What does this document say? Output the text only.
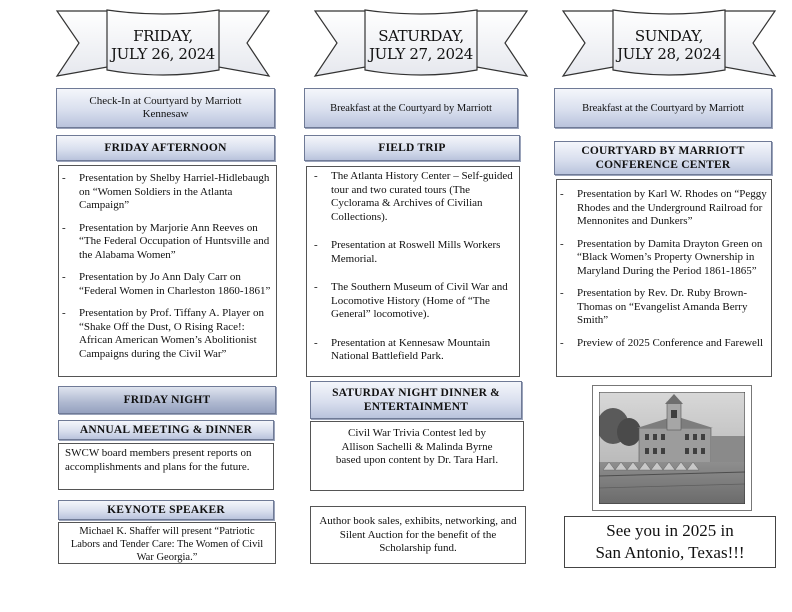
FRIDAY,
JULY 26, 2024
SATURDAY,
JULY 27, 2024
SUNDAY,
JULY 28, 2024
Check-In at Courtyard by Marriott Kennesaw
FRIDAY AFTERNOON
- Presentation by Shelby Harriel-Hidlebaugh on “Women Soldiers in the Atlanta Campaign”
- Presentation by Marjorie Ann Reeves on “The Federal Occupation of Huntsville and the Alabama Women”
- Presentation by Jo Ann Daly Carr on “Federal Women in Charleston 1860-1861”
- Presentation by Prof. Tiffany A. Player on “Shake Off the Dust, O Rising Race!: African American Women’s Abolitionist Campaigns during the Civil War”
FRIDAY NIGHT
ANNUAL MEETING & DINNER
SWCW board members present reports on accomplishments and plans for the future.
KEYNOTE SPEAKER
Michael K. Shaffer will present “Patriotic Labors and Tender Care: The Women of Civil War Georgia.”
Breakfast at the Courtyard by Marriott
FIELD TRIP
- The Atlanta History Center – Self-guided tour and two curated tours (The Cyclorama & Archives of Civilian Collections).
- Presentation at Roswell Mills Workers Memorial.
- The Southern Museum of Civil War and Locomotive History (Home of “The General” locomotive).
- Presentation at Kennesaw Mountain National Battlefield Park.
SATURDAY NIGHT DINNER & ENTERTAINMENT
Civil War Trivia Contest led by Allison Sachelli & Malinda Byrne based upon content by Dr. Tara Harl.
Author book sales, exhibits, networking, and Silent Auction for the benefit of the Scholarship fund.
Breakfast at the Courtyard by Marriott
COURTYARD BY MARRIOTT CONFERENCE CENTER
- Presentation by Karl W. Rhodes on “Peggy Rhodes and the Underground Railroad for Mennonites and Dunkers”
- Presentation by Damita Drayton Green on “Black Women’s Property Ownership in Maryland During the Period 1861-1865”
- Presentation by Rev. Dr. Ruby Brown-Thomas on “Evangelist Amanda Berry Smith”
- Preview of 2025 Conference and Farewell
See you in 2025 in
San Antonio, Texas!!!
